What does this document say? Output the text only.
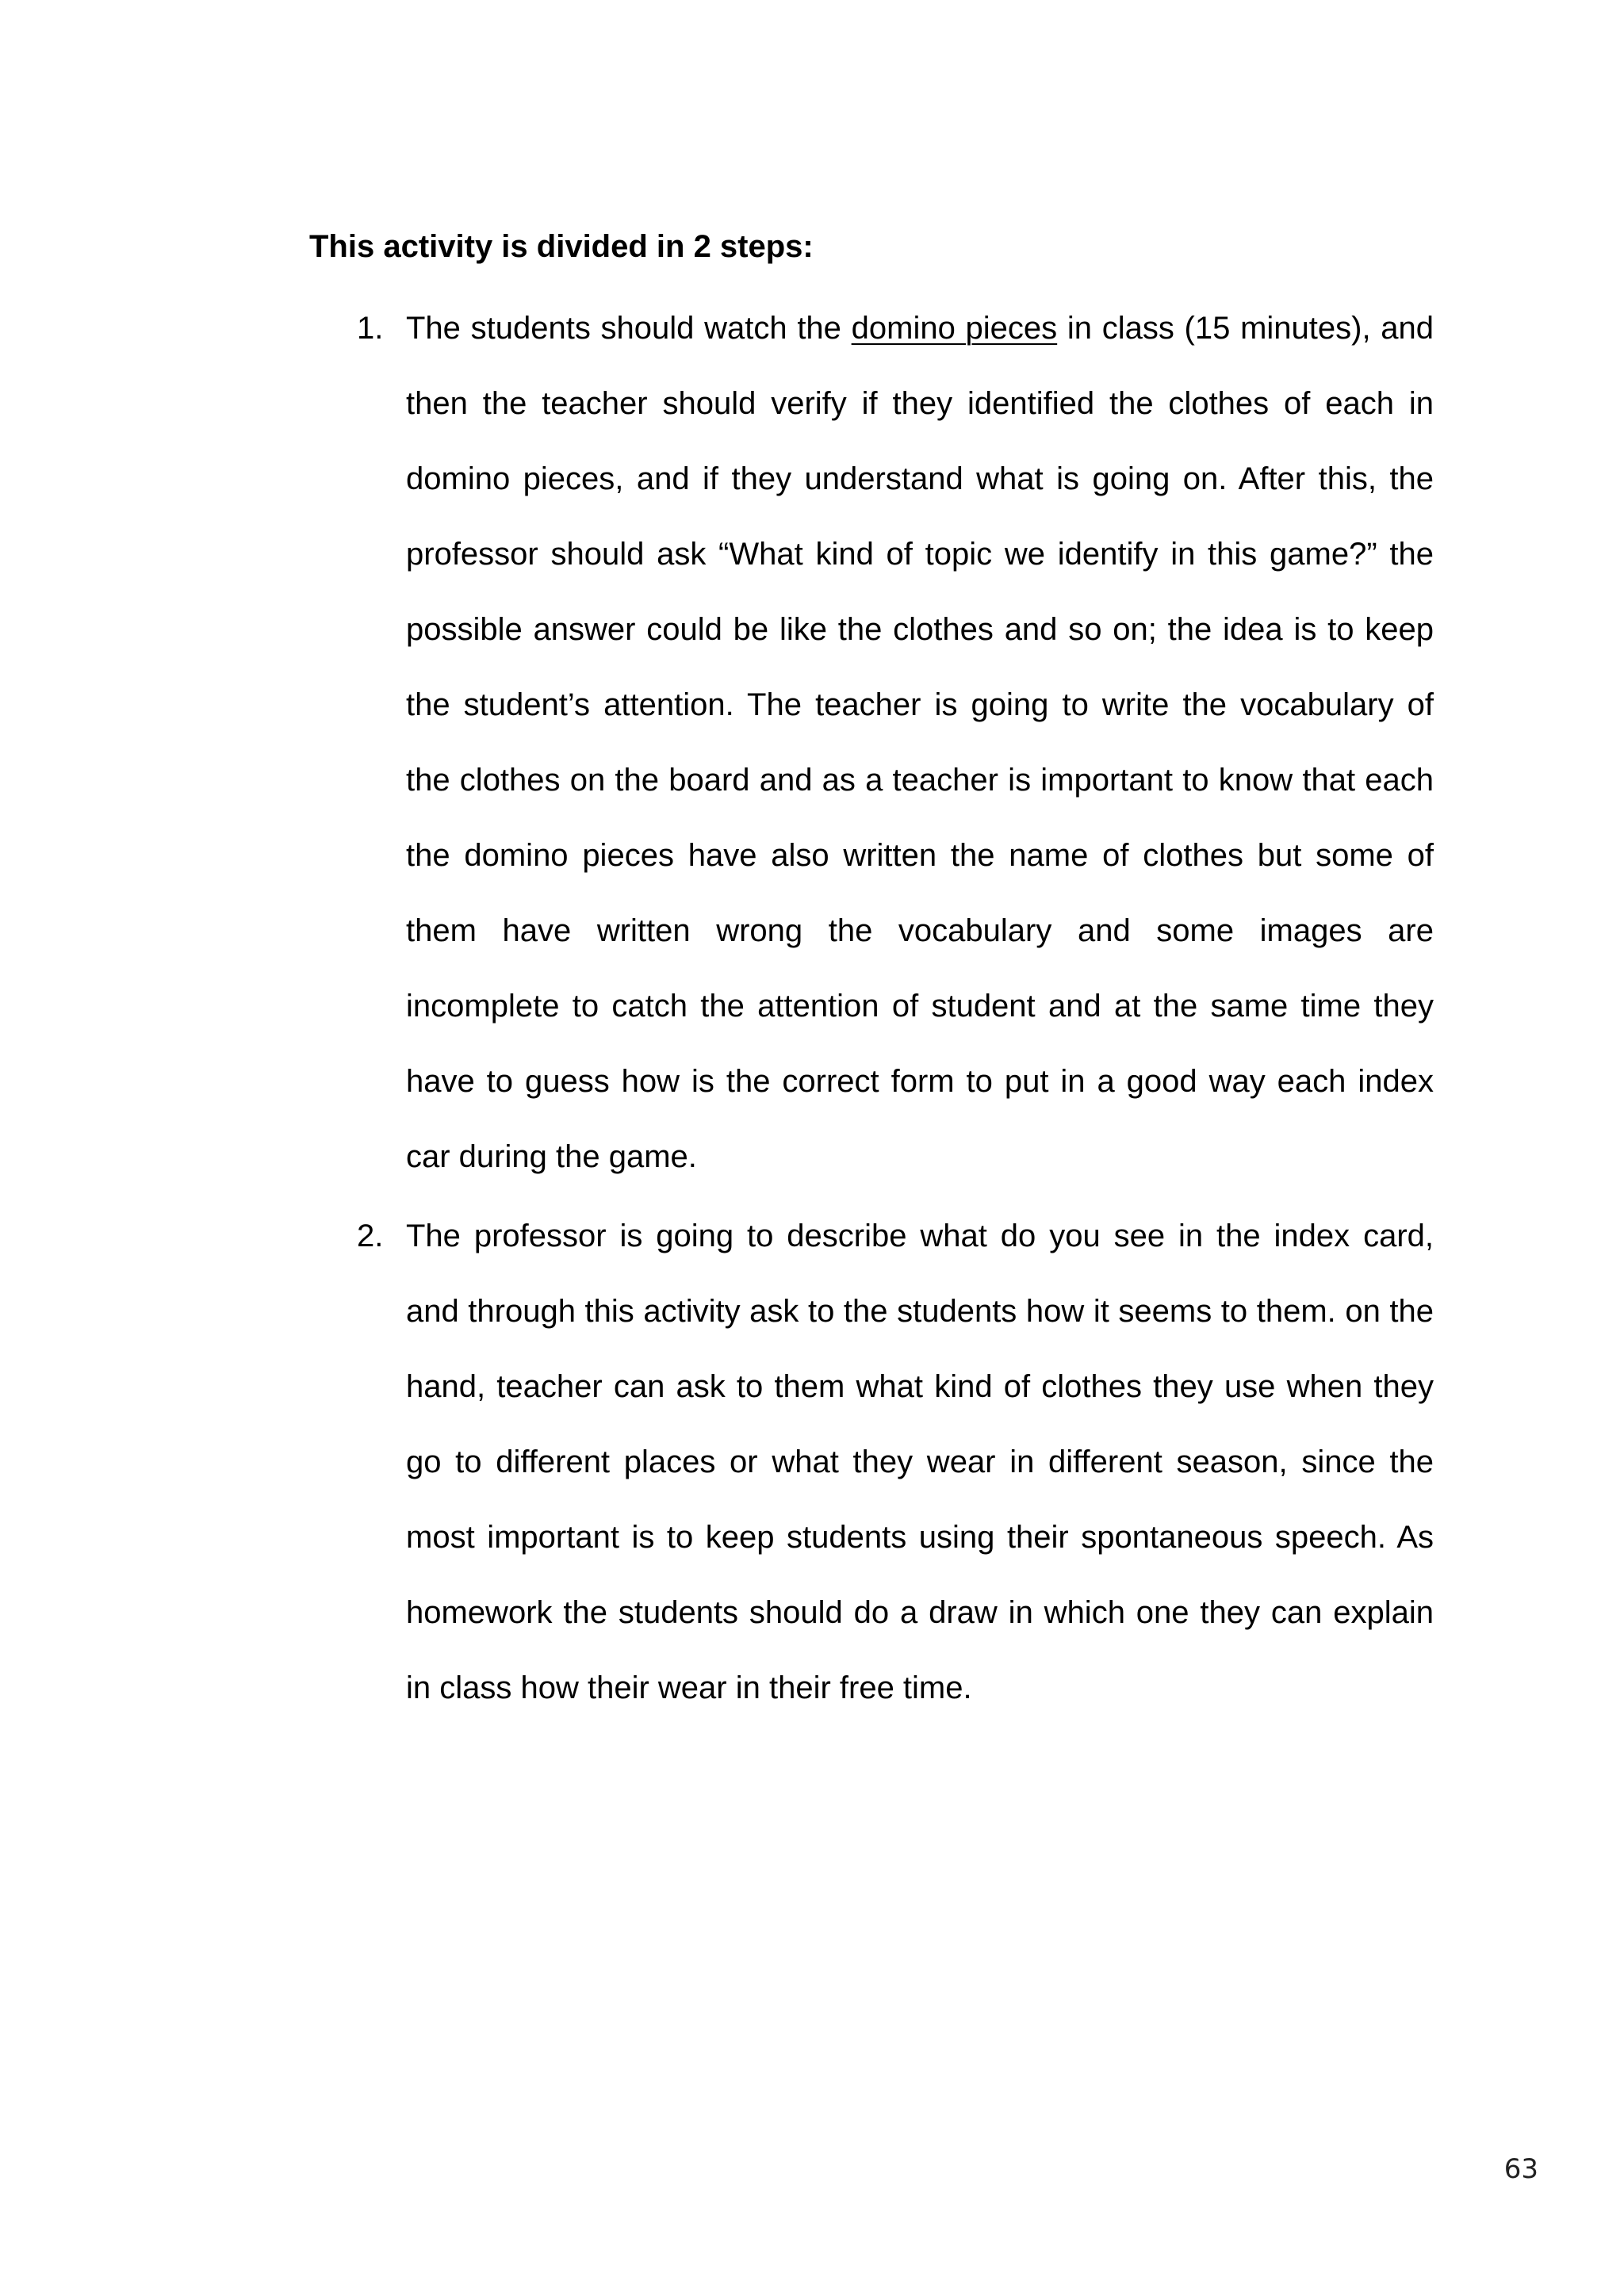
This activity is divided in 2 steps:
1. The students should watch the domino pieces in class (15 minutes), and
then the teacher should verify if they identified the clothes of each in
domino pieces, and if they understand what is going on. After this, the
professor should ask “What kind of topic we identify in this game?” the
possible answer could be like the clothes and so on; the idea is to keep
the student’s attention. The teacher is going to write the vocabulary of
the clothes on the board and as a teacher is important to know that each
the domino pieces have also written the name of clothes but some of
them have written wrong the vocabulary and some images are
incomplete to catch the attention of student and at the same time they
have to guess how is the correct form to put in a good way each index
car during the game.
2. The professor is going to describe what do you see in the index card,
and through this activity ask to the students how it seems to them. on the
hand, teacher can ask to them what kind of clothes they use when they
go to different places or what they wear in different season, since the
most important is to keep students using their spontaneous speech. As
homework the students should do a draw in which one they can explain
in class how their wear in their free time.
63
